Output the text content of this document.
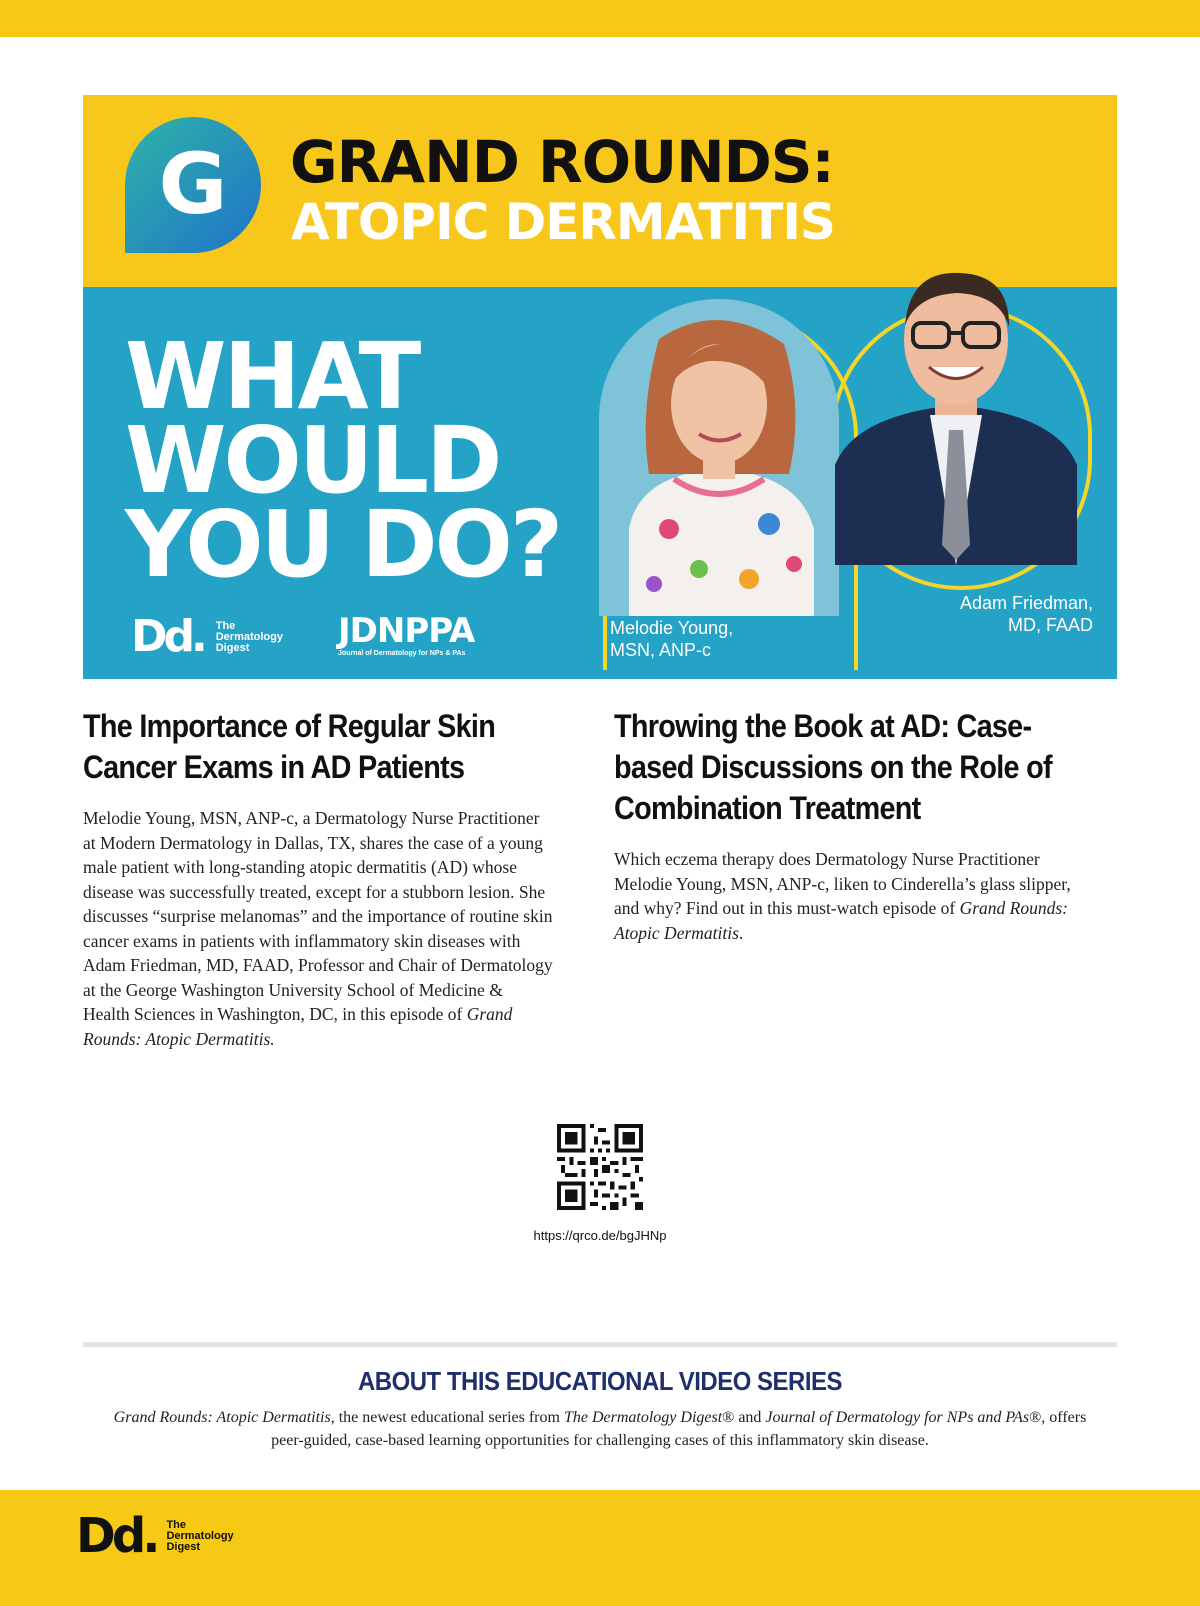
G GRAND ROUNDS:
ATOPIC DERMATITIS
WHAT
WOULD
YOU DO?
Dd. The
Dermatology
Digest	JDNPPA
Journal of Dermatology for NPs & PAs
Melodie Young,
MSN, ANP-c
Adam Friedman,
MD, FAAD
The Importance of Regular Skin Cancer Exams in AD Patients

Melodie Young, MSN, ANP-c, a Dermatology Nurse Practitioner at Modern Dermatology in Dallas, TX, shares the case of a young male patient with long-standing atopic dermatitis (AD) whose disease was successfully treated, except for a stubborn lesion. She discusses “surprise melanomas” and the importance of routine skin cancer exams in patients with inflammatory skin diseases with Adam Friedman, MD, FAAD, Professor and Chair of Dermatology at the George Washington University School of Medicine & Health Sciences in Washington, DC, in this episode of Grand Rounds: Atopic Dermatitis.

Throwing the Book at AD: Case-based Discussions on the Role of Combination Treatment

Which eczema therapy does Dermatology Nurse Practitioner Melodie Young, MSN, ANP-c, liken to Cinderella’s glass slipper, and why? Find out in this must-watch episode of Grand Rounds: Atopic Dermatitis.

https://qrco.de/bgJHNp
ABOUT THIS EDUCATIONAL VIDEO SERIES

Grand Rounds: Atopic Dermatitis, the newest educational series from The Dermatology Digest® and Journal of Dermatology for NPs and PAs®, offers peer-guided, case-based learning opportunities for challenging cases of this inflammatory skin disease.

Dd. The
Dermatology
Digest
